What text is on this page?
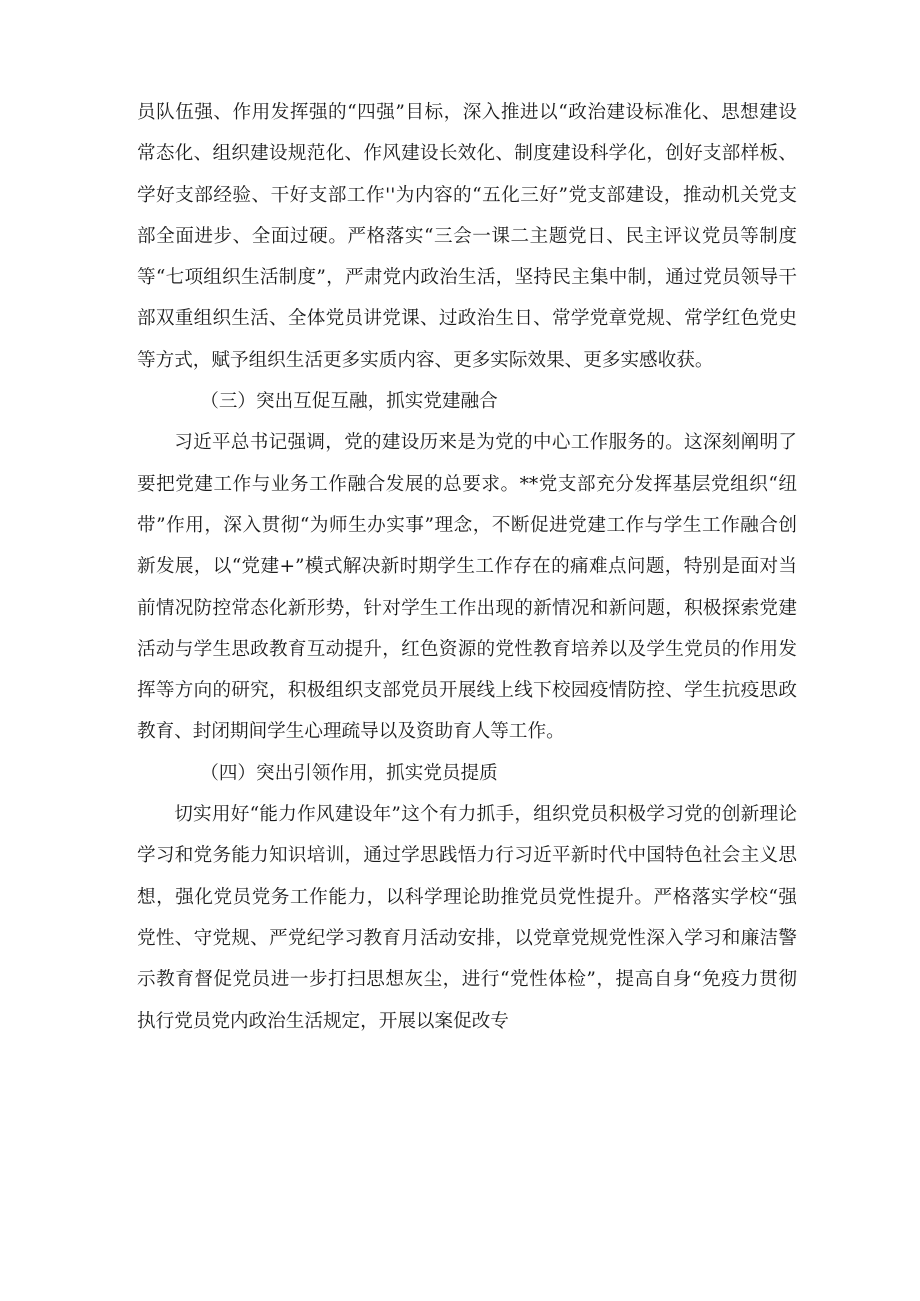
员队伍强、作用发挥强的“四强”目标，深入推进以“政治建设标准化、思想建设常态化、组织建设规范化、作风建设长效化、制度建设科学化，创好支部样板、学好支部经验、干好支部工作''为内容的“五化三好”党支部建设，推动机关党支部全面进步、全面过硬。严格落实“三会一课二主题党日、民主评议党员等制度等“七项组织生活制度”，严肃党内政治生活，坚持民主集中制，通过党员领导干部双重组织生活、全体党员讲党课、过政治生日、常学党章党规、常学红色党史等方式，赋予组织生活更多实质内容、更多实际效果、更多实感收获。

（三）突出互促互融，抓实党建融合

习近平总书记强调，党的建设历来是为党的中心工作服务的。这深刻阐明了要把党建工作与业务工作融合发展的总要求。**党支部充分发挥基层党组织“纽带”作用，深入贯彻“为师生办实事”理念，不断促进党建工作与学生工作融合创新发展，以“党建+”模式解决新时期学生工作存在的痛难点问题，特别是面对当前情况防控常态化新形势，针对学生工作出现的新情况和新问题，积极探索党建活动与学生思政教育互动提升，红色资源的党性教育培养以及学生党员的作用发挥等方向的研究，积极组织支部党员开展线上线下校园疫情防控、学生抗疫思政教育、封闭期间学生心理疏导以及资助育人等工作。

（四）突出引领作用，抓实党员提质

切实用好“能力作风建设年”这个有力抓手，组织党员积极学习党的创新理论学习和党务能力知识培训，通过学思践悟力行习近平新时代中国特色社会主义思想，强化党员党务工作能力，以科学理论助推党员党性提升。严格落实学校“强党性、守党规、严党纪学习教育月活动安排，以党章党规党性深入学习和廉洁警示教育督促党员进一步打扫思想灰尘，进行“党性体检”，提高自身“免疫力贯彻执行党员党内政治生活规定，开展以案促改专
